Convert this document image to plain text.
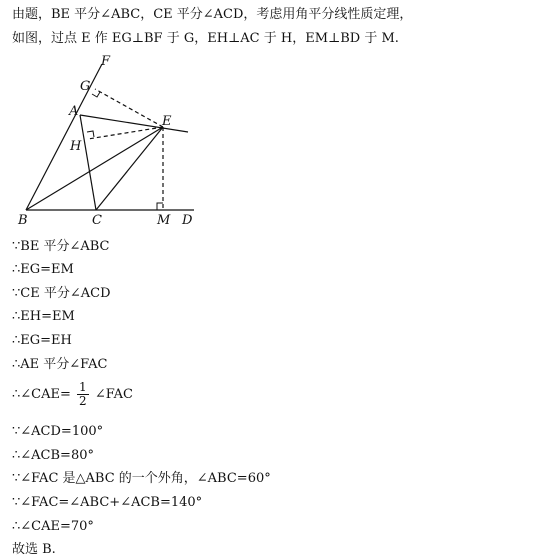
由题，BE 平分∠ABC，CE 平分∠ACD，考虑用角平分线性质定理，
如图，过点 E 作 EG⊥BF 于 G，EH⊥AC 于 H，EM⊥BD 于 M.
F
G
A
E
H
B	C	M D
∵BE 平分∠ABC
∴EG=EM
∵CE 平分∠ACD
∴EH=EM
∴EG=EH
∴AE 平分∠FAC
∴∠CAE= $\frac{1}{2}$ ∠FAC
∵∠ACD=100°
∴∠ACB=80°
∵∠FAC 是△ABC 的一个外角，∠ABC=60°
∵∠FAC=∠ABC+∠ACB=140°
∴∠CAE=70°
故选 B.
